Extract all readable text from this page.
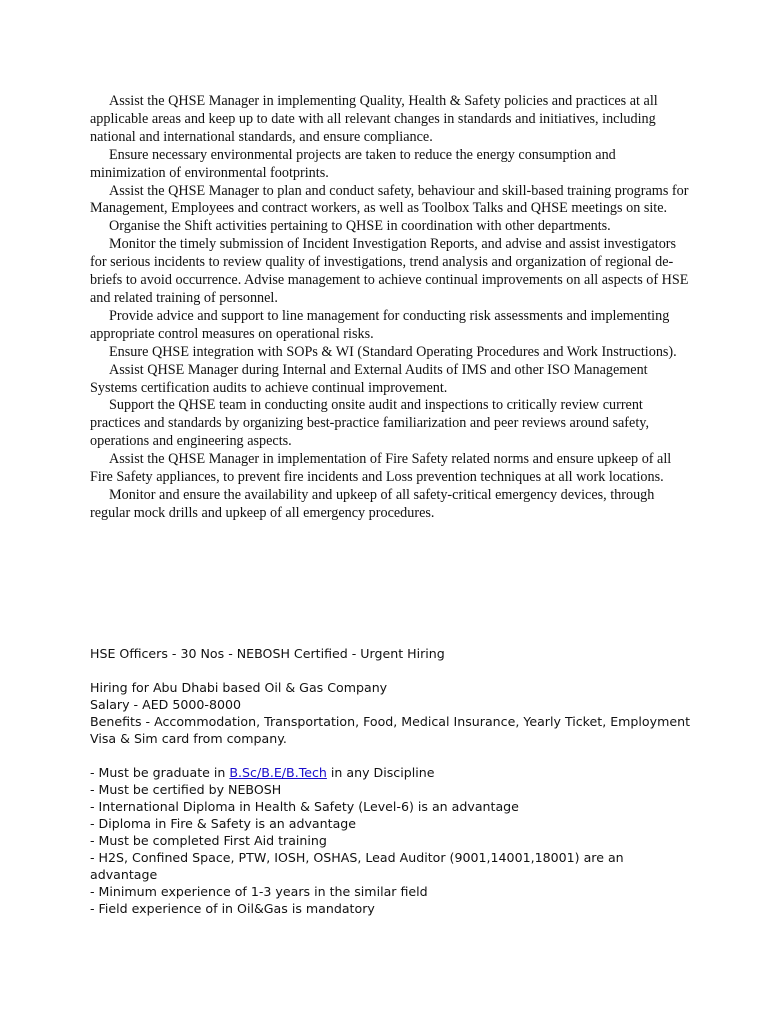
Assist the QHSE Manager in implementing Quality, Health & Safety policies and practices at all applicable areas and keep up to date with all relevant changes in standards and initiatives, including national and international standards, and ensure compliance.

Ensure necessary environmental projects are taken to reduce the energy consumption and minimization of environmental footprints.

Assist the QHSE Manager to plan and conduct safety, behaviour and skill-based training programs for Management, Employees and contract workers, as well as Toolbox Talks and QHSE meetings on site.

Organise the Shift activities pertaining to QHSE in coordination with other departments.

Monitor the timely submission of Incident Investigation Reports, and advise and assist investigators for serious incidents to review quality of investigations, trend analysis and organization of regional de-briefs to avoid occurrence. Advise management to achieve continual improvements on all aspects of HSE and related training of personnel.

Provide advice and support to line management for conducting risk assessments and implementing appropriate control measures on operational risks.

Ensure QHSE integration with SOPs & WI (Standard Operating Procedures and Work Instructions).

Assist QHSE Manager during Internal and External Audits of IMS and other ISO Management Systems certification audits to achieve continual improvement.

Support the QHSE team in conducting onsite audit and inspections to critically review current practices and standards by organizing best-practice familiarization and peer reviews around safety, operations and engineering aspects.

Assist the QHSE Manager in implementation of Fire Safety related norms and ensure upkeep of all Fire Safety appliances, to prevent fire incidents and Loss prevention techniques at all work locations.

Monitor and ensure the availability and upkeep of all safety-critical emergency devices, through regular mock drills and upkeep of all emergency procedures.

HSE Officers - 30 Nos - NEBOSH Certified - Urgent Hiring
Hiring for Abu Dhabi based Oil & Gas Company
Salary - AED 5000-8000
Benefits - Accommodation, Transportation, Food, Medical Insurance, Yearly Ticket, Employment Visa & Sim card from company.
- Must be graduate in B.Sc/B.E/B.Tech in any Discipline
- Must be certified by NEBOSH
- International Diploma in Health & Safety (Level-6) is an advantage
- Diploma in Fire & Safety is an advantage
- Must be completed First Aid training
- H2S, Confined Space, PTW, IOSH, OSHAS, Lead Auditor (9001,14001,18001) are an advantage
- Minimum experience of 1-3 years in the similar field
- Field experience of in Oil&Gas is mandatory
